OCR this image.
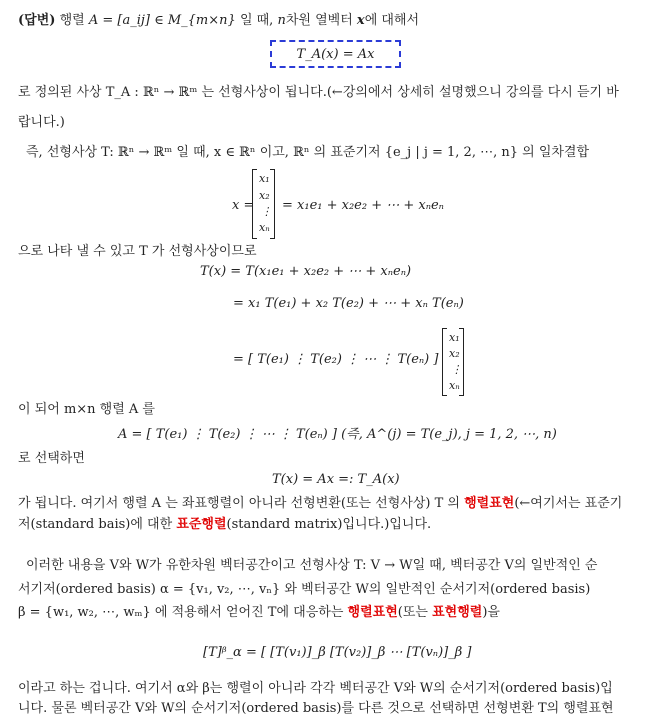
(답변) 행렬 A = [a_ij] ∈ M_{m×n} 일 때, n차원 열벡터 x에 대해서
T_A(x) = Ax
로 정의된 사상 T_A : ℝⁿ → ℝᵐ 는 선형사상이 됩니다.(←강의에서 상세히 설명했으니 강의를 다시 듣기 바
랍니다.)
즉, 선형사상 T: ℝⁿ → ℝᵐ 일 때, x ∈ ℝⁿ 이고, ℝⁿ 의 표준기저 {e_j | j = 1, 2, ⋯, n} 의 일차결합
x =
x₁
x₂
⋮
xₙ
= x₁e₁ + x₂e₂ + ⋯ + xₙeₙ
으로 나타 낼 수 있고 T 가 선형사상이므로
T(x) = T(x₁e₁ + x₂e₂ + ⋯ + xₙeₙ)
= x₁ T(e₁) + x₂ T(e₂) + ⋯ + xₙ T(eₙ)
= [ T(e₁) ⋮ T(e₂) ⋮ ⋯ ⋮ T(eₙ) ]
x₁
x₂
⋮
xₙ
이 되어 m×n 행렬 A 를
A = [ T(e₁) ⋮ T(e₂) ⋮ ⋯ ⋮ T(eₙ) ] (즉, A^(j) = T(e_j), j = 1, 2, ⋯, n)
로 선택하면
T(x) = Ax =: T_A(x)
가 됩니다. 여기서 행렬 A 는 좌표행렬이 아니라 선형변환(또는 선형사상) T 의 행렬표현(←여기서는 표준기
저(standard bais)에 대한 표준행렬(standard matrix)입니다.)입니다.
이러한 내용을 V와 W가 유한차원 벡터공간이고 선형사상 T: V → W일 때, 벡터공간 V의 일반적인 순
서기저(ordered basis) α = {v₁, v₂, ⋯, vₙ} 와 벡터공간 W의 일반적인 순서기저(ordered basis)
β = {w₁, w₂, ⋯, wₘ} 에 적용해서 얻어진 T에 대응하는 행렬표현(또는 표현행렬)을
[T]ᵝ_α = [ [T(v₁)]_β [T(v₂)]_β ⋯ [T(vₙ)]_β ]
이라고 하는 겁니다. 여기서 α와 β는 행렬이 아니라 각각 벡터공간 V와 W의 순서기저(ordered basis)입
니다. 물론 벡터공간 V와 W의 순서기저(ordered basis)를 다른 것으로 선택하면 선형변환 T의 행렬표현
